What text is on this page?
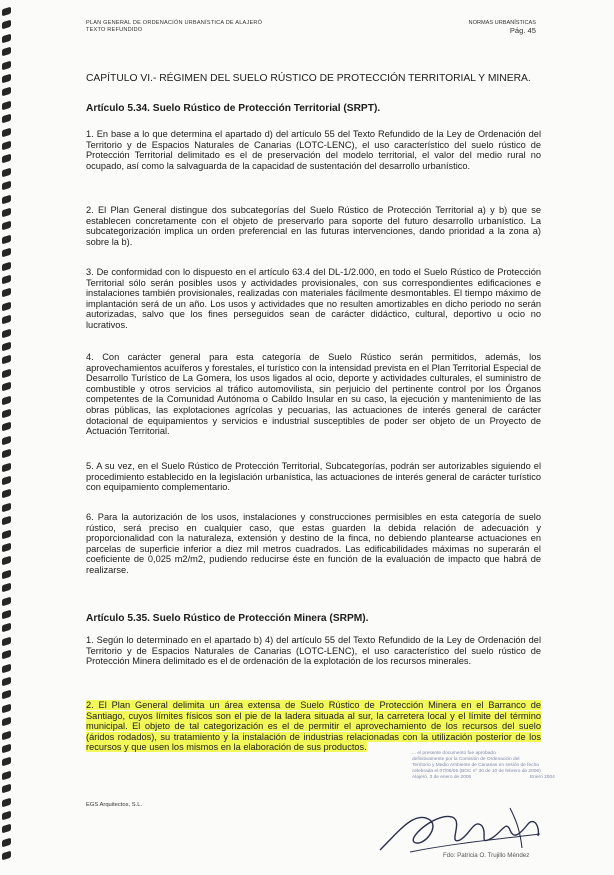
PLAN GENERAL DE ORDENACIÓN URBANÍSTICA DE ALAJERÓ
TEXTO REFUNDIDO
NORMAS URBANÍSTICAS
Pág. 45
CAPÍTULO VI.- RÉGIMEN DEL SUELO RÚSTICO DE PROTECCIÓN TERRITORIAL Y MINERA.
Artículo 5.34. Suelo Rústico de Protección Territorial (SRPT).
1. En base a lo que determina el apartado d) del artículo 55 del Texto Refundido de la Ley de Ordenación del Territorio y de Espacios Naturales de Canarias (LOTC-LENC), el uso característico del suelo rústico de Protección Territorial delimitado es el de preservación del modelo territorial, el valor del medio rural no ocupado, así como la salvaguarda de la capacidad de sustentación del desarrollo urbanístico.
2. El Plan General distingue dos subcategorías del Suelo Rústico de Protección Territorial a) y b) que se establecen concretamente con el objeto de preservarlo para soporte del futuro desarrollo urbanístico. La subcategorización implica un orden preferencial en las futuras intervenciones, dando prioridad a la zona a) sobre la b).
3. De conformidad con lo dispuesto en el artículo 63.4 del DL-1/2.000, en todo el Suelo Rústico de Protección Territorial sólo serán posibles usos y actividades provisionales, con sus correspondientes edificaciones e instalaciones también provisionales, realizadas con materiales fácilmente desmontables. El tiempo máximo de implantación será de un año. Los usos y actividades que no resulten amortizables en dicho periodo no serán autorizadas, salvo que los fines perseguidos sean de carácter didáctico, cultural, deportivo u ocio no lucrativos.
4. Con carácter general para esta categoría de Suelo Rústico serán permitidos, además, los aprovechamientos acuíferos y forestales, el turístico con la intensidad prevista en el Plan Territorial Especial de Desarrollo Turístico de La Gomera, los usos ligados al ocio, deporte y actividades culturales, el suministro de combustible y otros servicios al tráfico automovilista, sin perjuicio del pertinente control por los Órganos competentes de la Comunidad Autónoma o Cabildo Insular en su caso, la ejecución y mantenimiento de las obras públicas, las explotaciones agrícolas y pecuarias, las actuaciones de interés general de carácter dotacional de equipamientos y servicios e industrial susceptibles de poder ser objeto de un Proyecto de Actuación Territorial.
5. A su vez, en el Suelo Rústico de Protección Territorial, Subcategorías, podrán ser autorizables siguiendo el procedimiento establecido en la legislación urbanística, las actuaciones de interés general de carácter turístico con equipamiento complementario.
6. Para la autorización de los usos, instalaciones y construcciones permisibles en esta categoría de suelo rústico, será preciso en cualquier caso, que estas guarden la debida relación de adecuación y proporcionalidad con la naturaleza, extensión y destino de la finca, no debiendo plantearse actuaciones en parcelas de superficie inferior a diez mil metros cuadrados. Las edificabilidades máximas no superarán el coeficiente de 0,025 m2/m2, pudiendo reducirse éste en función de la evaluación de impacto que habrá de realizarse.
Artículo 5.35. Suelo Rústico de Protección Minera (SRPM).
1. Según lo determinado en el apartado b) 4) del artículo 55 del Texto Refundido de la Ley de Ordenación del Territorio y de Espacios Naturales de Canarias (LOTC-LENC), el uso característico del suelo rústico de Protección Minera delimitado es el de ordenación de la explotación de los recursos minerales.
2. El Plan General delimita un área extensa de Suelo Rústico de Protección Minera en el Barranco de Santiago, cuyos límites físicos son el pie de la ladera situada al sur, la carretera local y el límite del término municipal. El objeto de tal categorización es el de permitir el aprovechamiento de los recursos del suelo (áridos rodados), su tratamiento y la instalación de industrias relacionadas con la utilización posterior de los recursos y que usen los mismos en la elaboración de sus productos.
... el presente documento fue aprobado
definitivamente por la Comisión de Ordenación del
Territorio y Medio Ambiente de Canarias en sesión de fecha
celebrada el 07/06/05 (BOC nº 30 de 10 de febrero de 2006)
Alajeró, 3 de enero de 2006	Enero 2004
EGS Arquitectos, S.L.
Fdo: Patricia O. Trujillo Méndez
